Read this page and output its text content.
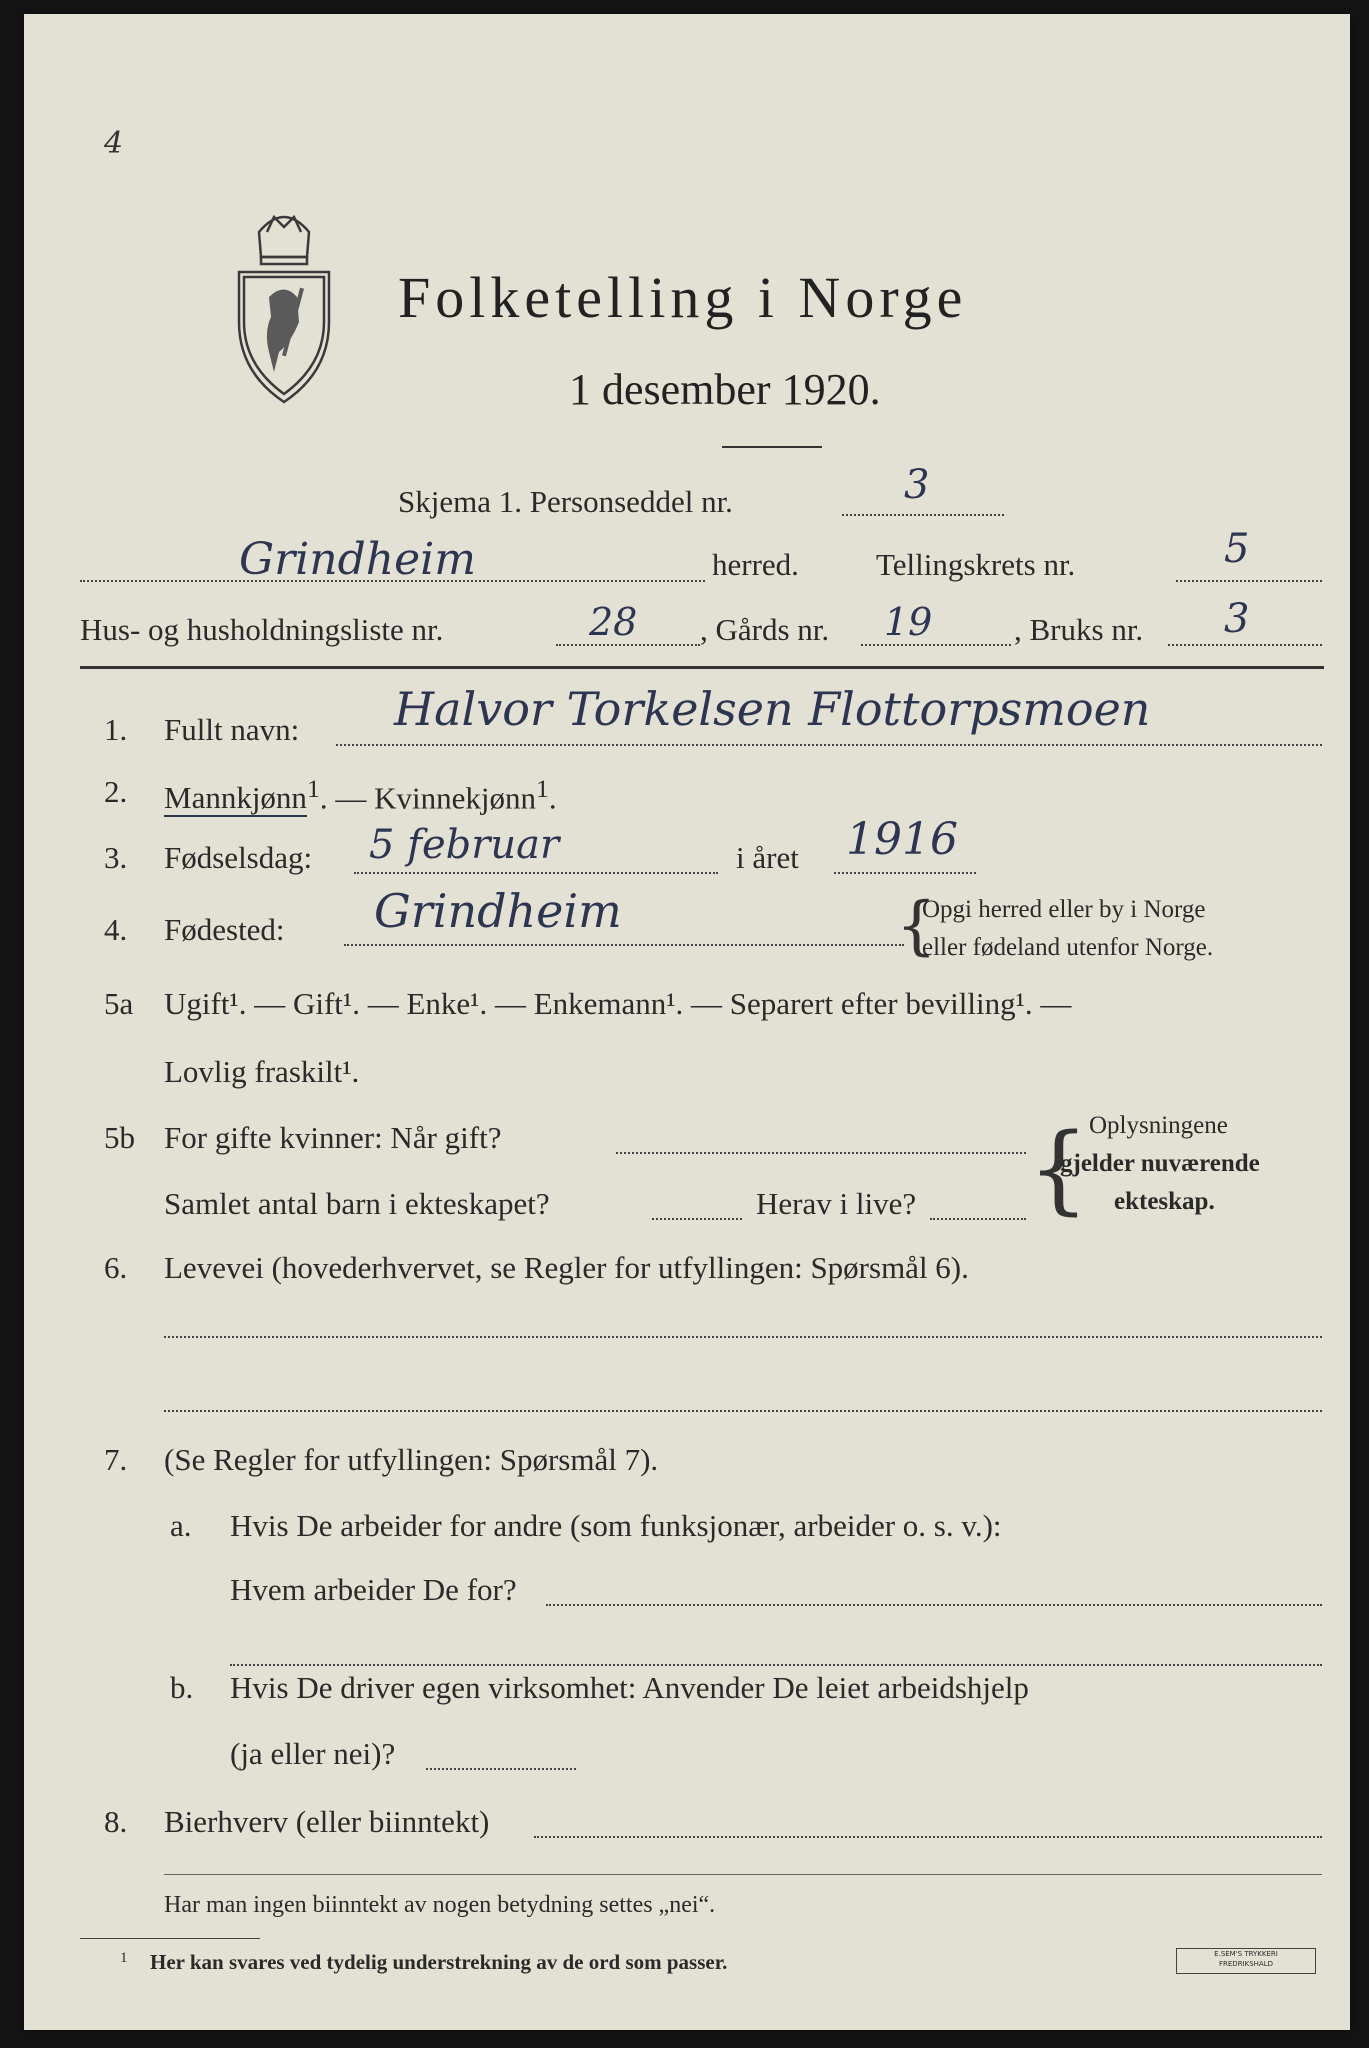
4
Folketelling i Norge
1 desember 1920.
Skjema 1. Personseddel nr.	3
Grindheim	herred. Tellingskrets nr.	5
Hus- og husholdningsliste nr.	28 , Gårds nr. 19	, Bruks nr. 3
1. Fullt navn: Halvor Torkelsen Flottorpsmoen
2. Mannkjønn$^1$. — Kvinnekjønn$^1$.
3. Fødselsdag: 5 februar	i året 1916
4. Fødested: Grindheim	{
Opgi herred eller by i Norge
eller fødeland utenfor Norge.
5a Ugift¹. — Gift¹. — Enke¹. — Enkemann¹. — Separert efter bevilling¹. —
Lovlig fraskilt¹.
5b For gifte kvinner: Når gift?
Samlet antal barn i ekteskapet?	Herav i live? { Oplysningene
gjelder nuværende
ekteskap.
6. Levevei (hovederhvervet, se Regler for utfyllingen: Spørsmål 6).
7. (Se Regler for utfyllingen: Spørsmål 7).
a. Hvis De arbeider for andre (som funksjonær, arbeider o. s. v.):
Hvem arbeider De for?
b. Hvis De driver egen virksomhet: Anvender De leiet arbeidshjelp
(ja eller nei)?
8. Bierhverv (eller biinntekt)
Har man ingen biinntekt av nogen betydning settes „nei“.
1 Her kan svares ved tydelig understrekning av de ord som passer.	E.SEM'S TRYKKERI
FREDRIKSHALD
